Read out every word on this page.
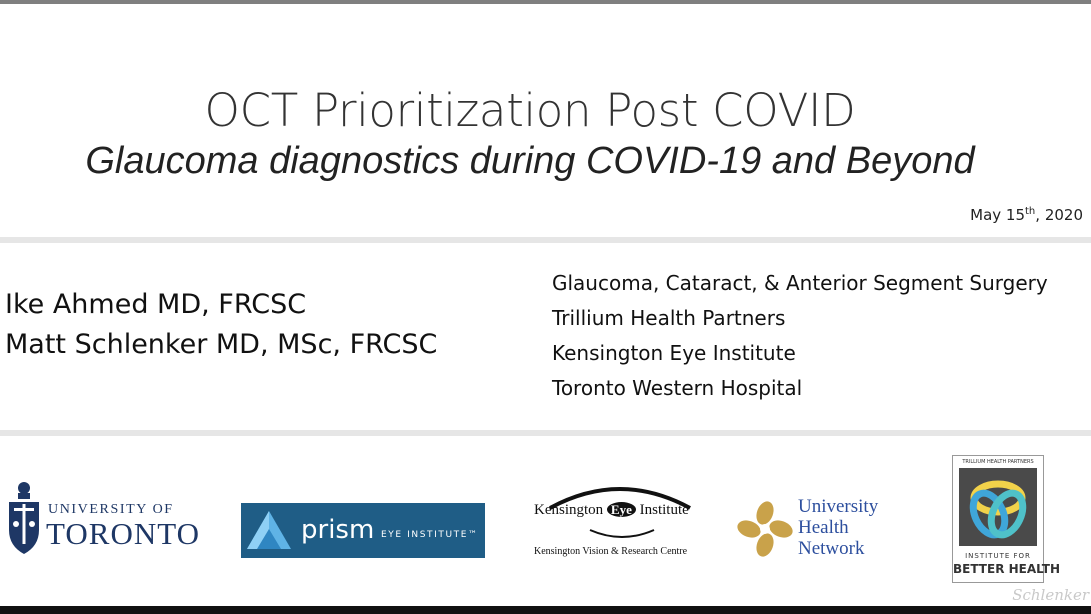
OCT Prioritization Post COVID
Glaucoma diagnostics during COVID-19 and Beyond
May 15th, 2020
Ike Ahmed MD, FRCSC
Matt Schlenker MD, MSc, FRCSC
Glaucoma, Cataract, & Anterior Segment Surgery
Trillium Health Partners
Kensington Eye Institute
Toronto Western Hospital
UNIVERSITY OF
TORONTO	prism EYE INSTITUTE™
Kensington Eye Institute
Kensington Vision & Research Centre
University
Health
Network
TRILLIUM HEALTH PARTNERS
INSTITUTE FOR
BETTER HEALTH
Schlenker
